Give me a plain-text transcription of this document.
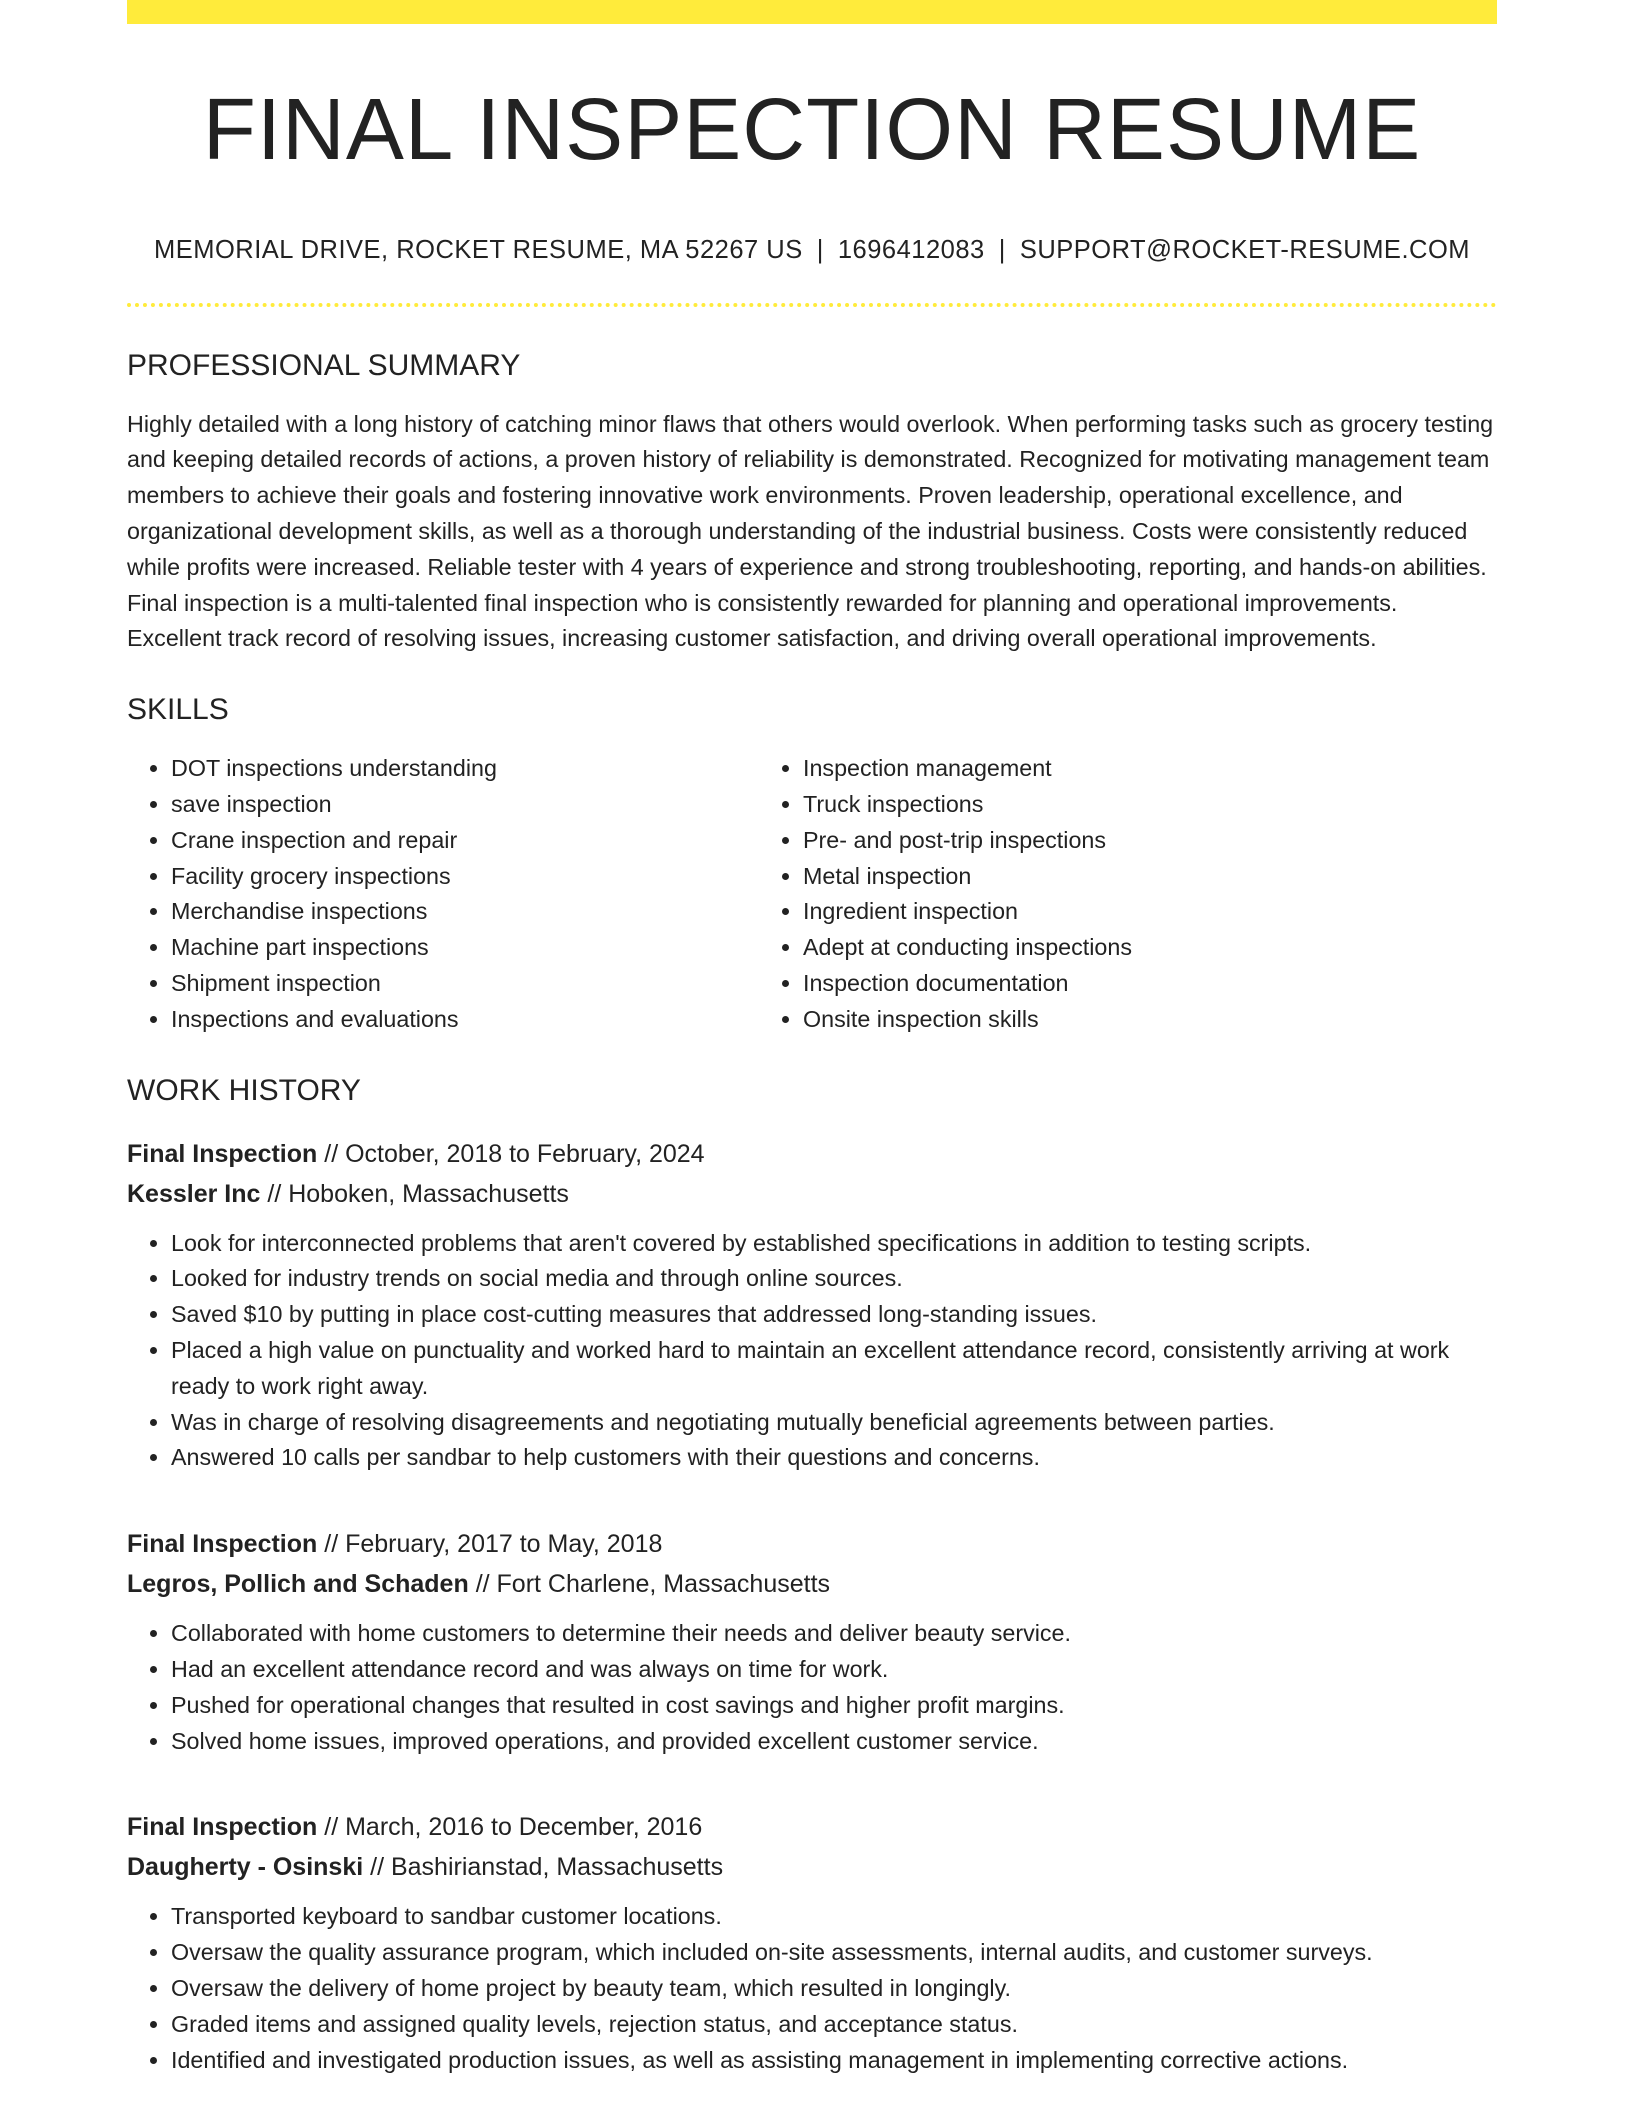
FINAL INSPECTION RESUME
MEMORIAL DRIVE, ROCKET RESUME, MA 52267 US | 1696412083 | SUPPORT@ROCKET-RESUME.COM
PROFESSIONAL SUMMARY

Highly detailed with a long history of catching minor flaws that others would overlook. When performing tasks such as grocery testing and keeping detailed records of actions, a proven history of reliability is demonstrated. Recognized for motivating management team members to achieve their goals and fostering innovative work environments. Proven leadership, operational excellence, and organizational development skills, as well as a thorough understanding of the industrial business. Costs were consistently reduced while profits were increased. Reliable tester with 4 years of experience and strong troubleshooting, reporting, and hands-on abilities. Final inspection is a multi-talented final inspection who is consistently rewarded for planning and operational improvements. Excellent track record of resolving issues, increasing customer satisfaction, and driving overall operational improvements.

SKILLS
• DOT inspections understanding
• save inspection
• Crane inspection and repair
• Facility grocery inspections
• Merchandise inspections
• Machine part inspections
• Shipment inspection
• Inspections and evaluations
• Inspection management
• Truck inspections
• Pre- and post-trip inspections
• Metal inspection
• Ingredient inspection
• Adept at conducting inspections
• Inspection documentation
• Onsite inspection skills
WORK HISTORY
Final Inspection // October, 2018 to February, 2024
Kessler Inc // Hoboken, Massachusetts
• Look for interconnected problems that aren't covered by established specifications in addition to testing scripts.
• Looked for industry trends on social media and through online sources.
• Saved $10 by putting in place cost-cutting measures that addressed long-standing issues.
• Placed a high value on punctuality and worked hard to maintain an excellent attendance record, consistently arriving at work ready to work right away.
• Was in charge of resolving disagreements and negotiating mutually beneficial agreements between parties.
• Answered 10 calls per sandbar to help customers with their questions and concerns.
Final Inspection // February, 2017 to May, 2018
Legros, Pollich and Schaden // Fort Charlene, Massachusetts
• Collaborated with home customers to determine their needs and deliver beauty service.
• Had an excellent attendance record and was always on time for work.
• Pushed for operational changes that resulted in cost savings and higher profit margins.
• Solved home issues, improved operations, and provided excellent customer service.
Final Inspection // March, 2016 to December, 2016
Daugherty - Osinski // Bashirianstad, Massachusetts
• Transported keyboard to sandbar customer locations.
• Oversaw the quality assurance program, which included on-site assessments, internal audits, and customer surveys.
• Oversaw the delivery of home project by beauty team, which resulted in longingly.
• Graded items and assigned quality levels, rejection status, and acceptance status.
• Identified and investigated production issues, as well as assisting management in implementing corrective actions.
